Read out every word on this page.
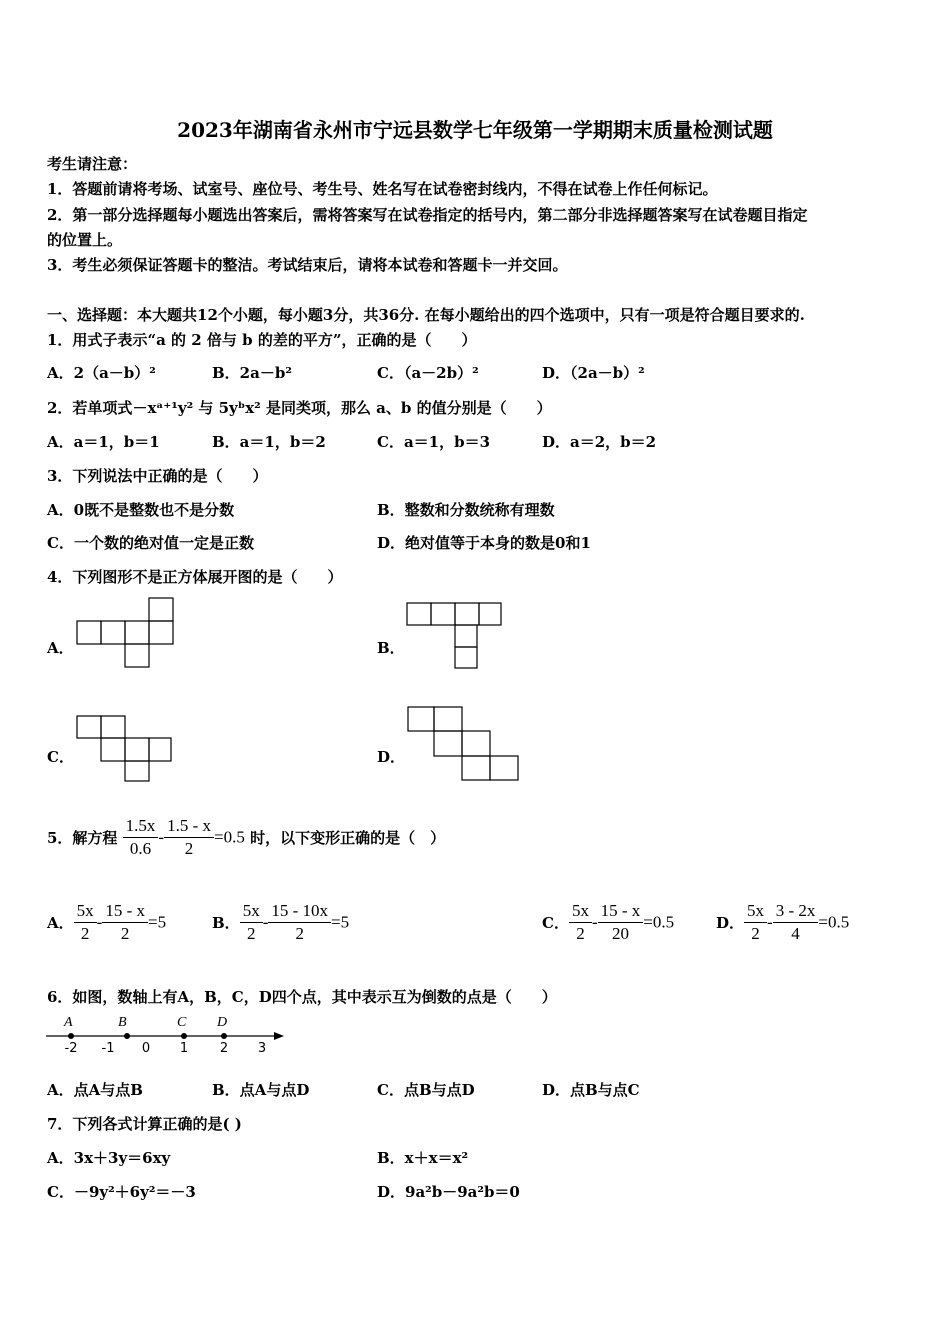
2023年湖南省永州市宁远县数学七年级第一学期期末质量检测试题
考生请注意：
1．答题前请将考场、试室号、座位号、考生号、姓名写在试卷密封线内，不得在试卷上作任何标记。
2．第一部分选择题每小题选出答案后，需将答案写在试卷指定的括号内，第二部分非选择题答案写在试卷题目指定
的位置上。
3．考生必须保证答题卡的整洁。考试结束后，请将本试卷和答题卡一并交回。
一、选择题：本大题共12个小题，每小题3分，共36分. 在每小题给出的四个选项中，只有一项是符合题目要求的.
1．用式子表示“a 的 2 倍与 b 的差的平方”，正确的是（　　）
A．2（a－b）²	B．2a－b²	C．（a－2b）²	D．（2a－b）²
2．若单项式－xᵃ⁺¹y² 与 5yᵇx² 是同类项，那么 a、b 的值分别是（　　）
A．a＝1，b＝1	B．a＝1，b＝2	C．a＝1，b＝3	D．a＝2，b＝2
3．下列说法中正确的是（　　）
A．0既不是整数也不是分数	B．整数和分数统称有理数
C．一个数的绝对值一定是正数	D．绝对值等于本身的数是0和1
4．下列图形不是正方体展开图的是（　　）
A．	B．
C．	D．
5．解方程 $\frac{1.5x}{0.6} - \frac{1.5 - x}{2} =0.5$ 时，以下变形正确的是（　）
A． $\frac{5x}{2} - \frac{15 - x}{2} =5$	B． $\frac{5x}{2} - \frac{15 - 10x}{2} =5$	C． $\frac{5x}{2} - \frac{15 - x}{20} =0.5$	D． $\frac{5x}{2} - \frac{3 - 2x}{4} =0.5$
6．如图，数轴上有A，B，C，D四个点，其中表示互为倒数的点是（　　）
A	B	C D
-2 -1 0 1 2 3
A．点A与点B	B．点A与点D	C．点B与点D	D．点B与点C
7．下列各式计算正确的是( )
A．3x＋3y＝6xy	B．x＋x＝x²
C．－9y²＋6y²＝－3	D．9a²b－9a²b＝0
